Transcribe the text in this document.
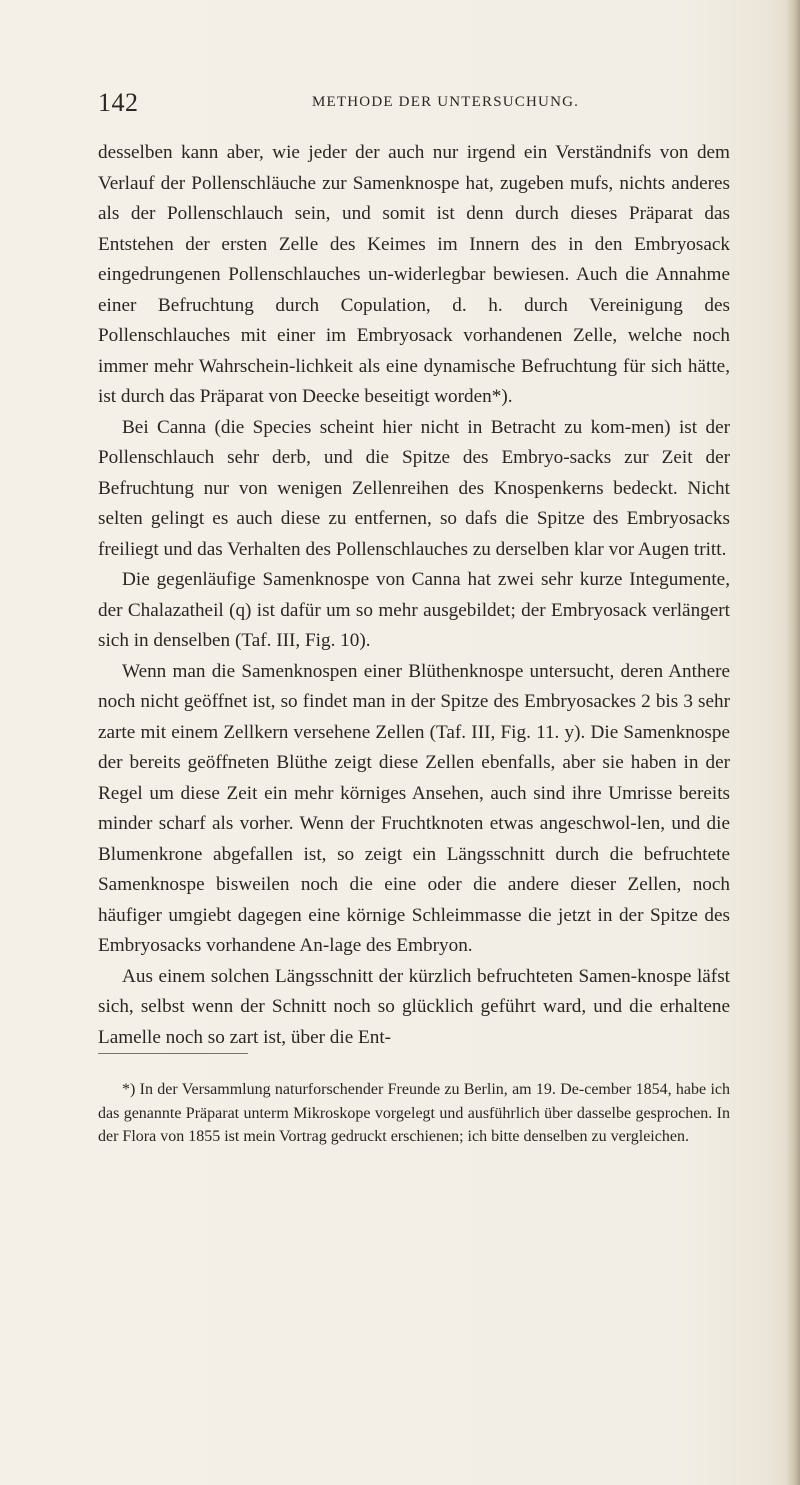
142	METHODE DER UNTERSUCHUNG.

desselben kann aber, wie jeder der auch nur irgend ein Verständnifs von dem Verlauf der Pollenschläuche zur Samenknospe hat, zugeben mufs, nichts anderes als der Pollenschlauch sein, und somit ist denn durch dieses Präparat das Entstehen der ersten Zelle des Keimes im Innern des in den Embryosack eingedrungenen Pollenschlauches un-widerlegbar bewiesen. Auch die Annahme einer Befruchtung durch Copulation, d. h. durch Vereinigung des Pollenschlauches mit einer im Embryosack vorhandenen Zelle, welche noch immer mehr Wahrschein-lichkeit als eine dynamische Befruchtung für sich hätte, ist durch das Präparat von Deecke beseitigt worden*).

Bei Canna (die Species scheint hier nicht in Betracht zu kom-men) ist der Pollenschlauch sehr derb, und die Spitze des Embryo-sacks zur Zeit der Befruchtung nur von wenigen Zellenreihen des Knospenkerns bedeckt. Nicht selten gelingt es auch diese zu entfernen, so dafs die Spitze des Embryosacks freiliegt und das Verhalten des Pollenschlauches zu derselben klar vor Augen tritt.

Die gegenläufige Samenknospe von Canna hat zwei sehr kurze Integumente, der Chalazatheil (q) ist dafür um so mehr ausgebildet; der Embryosack verlängert sich in denselben (Taf. III, Fig. 10).

Wenn man die Samenknospen einer Blüthenknospe untersucht, deren Anthere noch nicht geöffnet ist, so findet man in der Spitze des Embryosackes 2 bis 3 sehr zarte mit einem Zellkern versehene Zellen (Taf. III, Fig. 11. y). Die Samenknospe der bereits geöffneten Blüthe zeigt diese Zellen ebenfalls, aber sie haben in der Regel um diese Zeit ein mehr körniges Ansehen, auch sind ihre Umrisse bereits minder scharf als vorher. Wenn der Fruchtknoten etwas angeschwol-len, und die Blumenkrone abgefallen ist, so zeigt ein Längsschnitt durch die befruchtete Samenknospe bisweilen noch die eine oder die andere dieser Zellen, noch häufiger umgiebt dagegen eine körnige Schleimmasse die jetzt in der Spitze des Embryosacks vorhandene An-lage des Embryon.

Aus einem solchen Längsschnitt der kürzlich befruchteten Samen-knospe läfst sich, selbst wenn der Schnitt noch so glücklich geführt ward, und die erhaltene Lamelle noch so zart ist, über die Ent-

*) In der Versammlung naturforschender Freunde zu Berlin, am 19. De-cember 1854, habe ich das genannte Präparat unterm Mikroskope vorgelegt und ausführlich über dasselbe gesprochen. In der Flora von 1855 ist mein Vortrag gedruckt erschienen; ich bitte denselben zu vergleichen.
